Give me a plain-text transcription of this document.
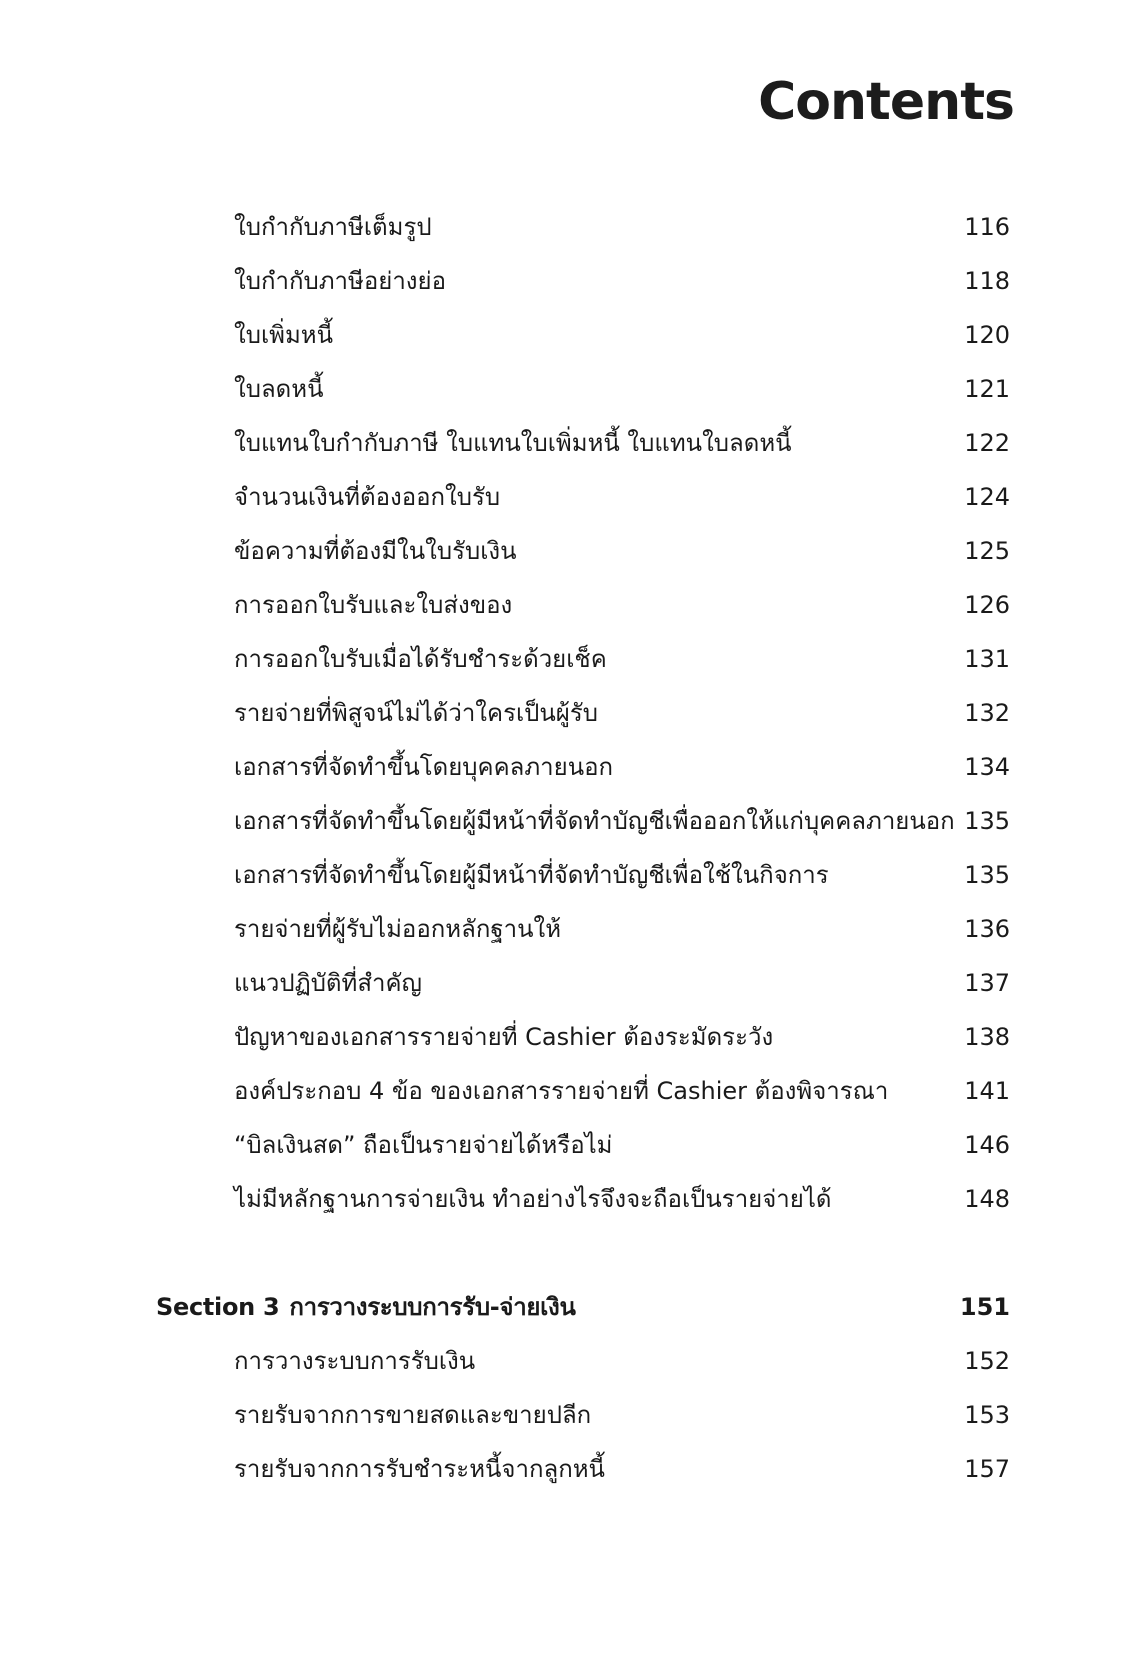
Contents
ใบกำกับภาษีเต็มรูป	116
ใบกำกับภาษีอย่างย่อ	118
ใบเพิ่มหนี้	120
ใบลดหนี้	121
ใบแทนใบกำกับภาษี ใบแทนใบเพิ่มหนี้ ใบแทนใบลดหนี้	122
จำนวนเงินที่ต้องออกใบรับ	124
ข้อความที่ต้องมีในใบรับเงิน	125
การออกใบรับและใบส่งของ	126
การออกใบรับเมื่อได้รับชำระด้วยเช็ค	131
รายจ่ายที่พิสูจน์ไม่ได้ว่าใครเป็นผู้รับ	132
เอกสารที่จัดทำขึ้นโดยบุคคลภายนอก	134
เอกสารที่จัดทำขึ้นโดยผู้มีหน้าที่จัดทำบัญชีเพื่อออกให้แก่บุคคลภายนอก 135
เอกสารที่จัดทำขึ้นโดยผู้มีหน้าที่จัดทำบัญชีเพื่อใช้ในกิจการ	135
รายจ่ายที่ผู้รับไม่ออกหลักฐานให้	136
แนวปฏิบัติที่สำคัญ	137
ปัญหาของเอกสารรายจ่ายที่ Cashier ต้องระมัดระวัง	138
องค์ประกอบ 4 ข้อ ของเอกสารรายจ่ายที่ Cashier ต้องพิจารณา	141
“บิลเงินสด” ถือเป็นรายจ่ายได้หรือไม่	146
ไม่มีหลักฐานการจ่ายเงิน ทำอย่างไรจึงจะถือเป็นรายจ่ายได้	148
Section 3 การวางระบบการรับ-จ่ายเงิน	151
การวางระบบการรับเงิน	152
รายรับจากการขายสดและขายปลีก	153
รายรับจากการรับชำระหนี้จากลูกหนี้	157
